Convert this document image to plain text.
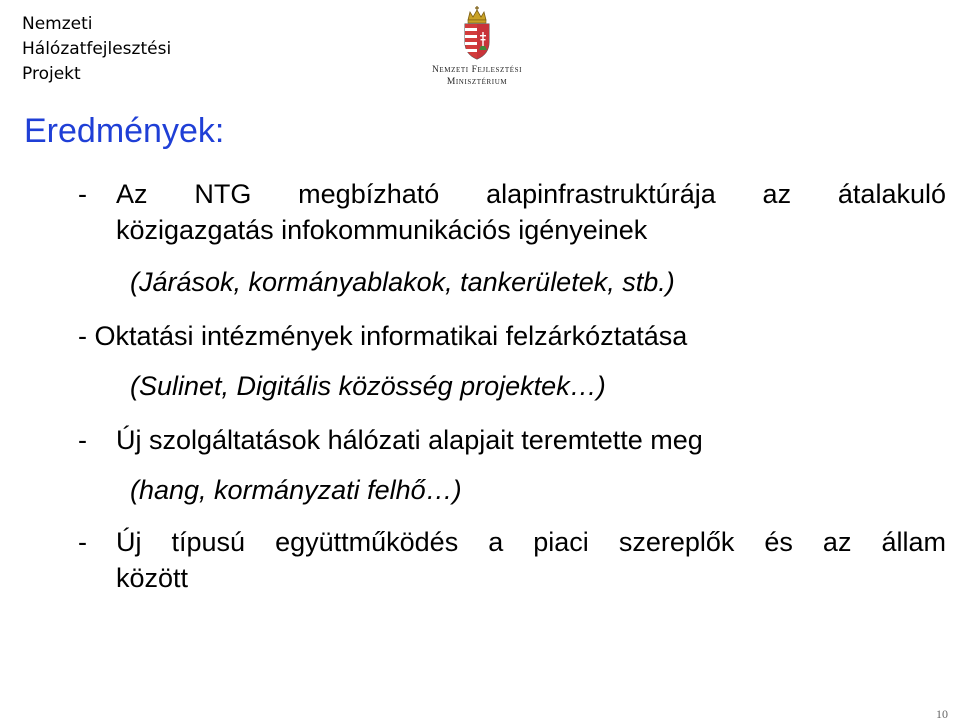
Nemzeti
Hálózatfejlesztési
Projekt	Nemzeti Fejlesztési
Minisztérium
Eredmények:

- Az NTG megbízható alapinfrastruktúrája az átalakuló
közigazgatás infokommunikációs igényeinek

(Járások, kormányablakok, tankerületek, stb.)

- Oktatási intézmények informatikai felzárkóztatása

(Sulinet, Digitális közösség projektek…)

- Új szolgáltatások hálózati alapjait teremtette meg

(hang, kormányzati felhő…)

- Új típusú együttműködés a piaci szereplők és az állam
között

10
